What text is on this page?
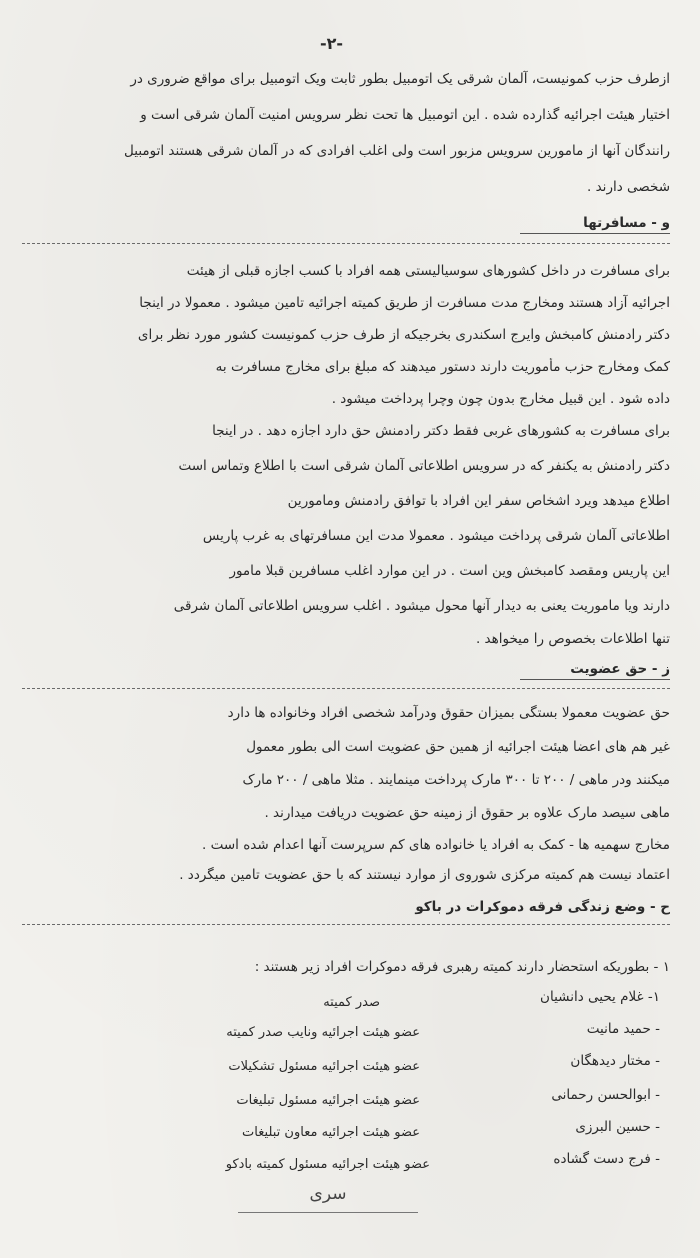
-۲-
ازطرف حزب کمونیست، آلمان شرقی یک اتومبیل بطور ثابت ویک اتومبیل برای مواقع ضروری در
اختیار هیئت اجرائیه گذارده شده . این اتومبیل ها تحت نظر سرویس امنیت آلمان شرقی است و
رانندگان آنها از مامورین سرویس مزبور است ولی اغلب افرادی که در آلمان شرقی هستند اتومبیل
شخصی دارند .
و - مسافرتها
برای مسافرت در داخل کشورهای سوسیالیستی همه افراد با کسب اجازه قبلی از هیئت
اجرائیه آزاد هستند ومخارج مدت مسافرت از طریق کمیته اجرائیه تامین میشود . معمولا در اینجا
دکتر رادمنش کامبخش وایرج اسکندری بخرجیکه از طرف حزب کمونیست کشور مورد نظر برای
کمک ومخارج حزب مأموریت دارند دستور میدهند که مبلغ برای مخارج مسافرت به
داده شود . این قبیل مخارج بدون چون وچرا پرداخت میشود .
برای مسافرت به کشورهای غربی فقط دکتر رادمنش حق دارد اجازه دهد . در اینجا
دکتر رادمنش به یکنفر که در سرویس اطلاعاتی آلمان شرقی است با اطلاع وتماس است
اطلاع میدهد ویرد اشخاص سفر این افراد با توافق رادمنش ومامورین
اطلاعاتی آلمان شرقی پرداخت میشود . معمولا مدت این مسافرتهای به غرب پاریس
این پاریس ومقصد کامبخش وین است . در این موارد اغلب مسافرین قبلا مامور
دارند ویا ماموریت یعنی به دیدار آنها محول میشود . اغلب سرویس اطلاعاتی آلمان شرقی
تنها اطلاعات بخصوص را میخواهد .
ز - حق عضویت
حق عضویت معمولا بستگی بمیزان حقوق ودرآمد شخصی افراد وخانواده ها دارد
غیر هم های اعضا هیئت اجرائیه از همین حق عضویت است الی بطور معمول
میکنند ودر ماهی / ۲۰۰ تا ۳۰۰ مارک پرداخت مینمایند . مثلا ماهی / ۲۰۰ مارک
ماهی سیصد مارک علاوه بر حقوق از زمینه حق عضویت دریافت میدارند .
مخارج سهمیه ها - کمک به افراد یا خانواده های کم سرپرست آنها اعدام شده است .
اعتماد نیست هم کمیته مرکزی شوروی از موارد نیستند که با حق عضویت تامین میگردد .
ح - وضع زندگی فرقه دموکرات در باکو
۱ - بطوریکه استحضار دارند کمیته رهبری فرقه دموکرات افراد زیر هستند :
۱- غلام یحیی دانشیان
صدر کمیته
- حمید مانیت
عضو هیئت اجرائیه ونایب صدر کمیته
- مختار دیدهگان
عضو هیئت اجرائیه مسئول تشکیلات
- ابوالحسن رحمانی
عضو هیئت اجرائیه مسئول تبلیغات
- حسین البرزی
عضو هیئت اجرائیه معاون تبلیغات
- فرج دست گشاده
عضو هیئت اجرائیه مسئول کمیته بادکو
سری
